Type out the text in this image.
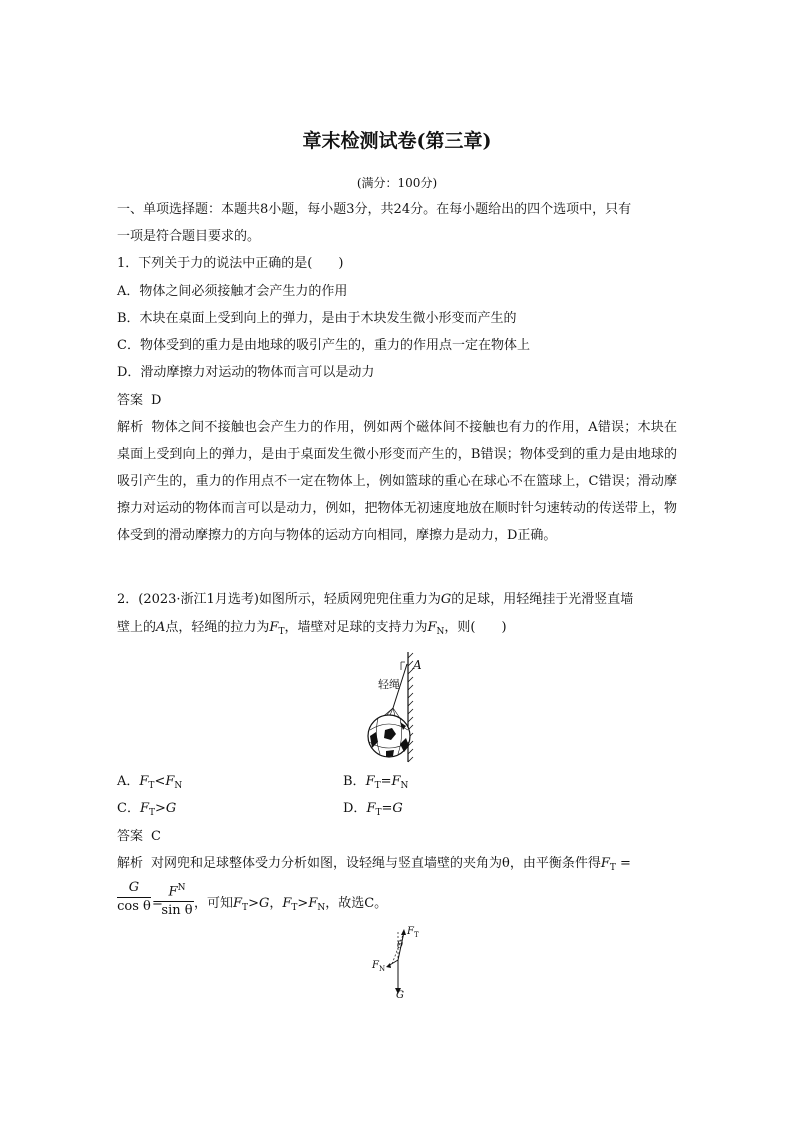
章末检测试卷(第三章)
(满分：100分)
一、单项选择题：本题共8小题，每小题3分，共24分。在每小题给出的四个选项中，只有
一项是符合题目要求的。
1．下列关于力的说法中正确的是(　　)
A．物体之间必须接触才会产生力的作用
B．木块在桌面上受到向上的弹力，是由于木块发生微小形变而产生的
C．物体受到的重力是由地球的吸引产生的，重力的作用点一定在物体上
D．滑动摩擦力对运动的物体而言可以是动力
答案 D
解析 物体之间不接触也会产生力的作用，例如两个磁体间不接触也有力的作用，A错误；木块在桌面上受到向上的弹力，是由于桌面发生微小形变而产生的，B错误；物体受到的重力是由地球的吸引产生的，重力的作用点不一定在物体上，例如篮球的重心在球心不在篮球上，C错误；滑动摩擦力对运动的物体而言可以是动力，例如，把物体无初速度地放在顺时针匀速转动的传送带上，物体受到的滑动摩擦力的方向与物体的运动方向相同，摩擦力是动力，D正确。
2．(2023·浙江1月选考)如图所示，轻质网兜兜住重力为G的足球，用轻绳挂于光滑竖直墙
壁上的A点，轻绳的拉力为$F_T$，墙壁对足球的支持力为$F_N$，则(　　)
A
轻绳
A．$F_T<F_N$	B．$F_T=F_N$
C．$F_T>G$	D．$F_T=G$
答案 C
解析 对网兜和足球整体受力分析如图，设轻绳与竖直墙壁的夹角为θ，由平衡条件得$F_T$ =
G
cos θ =
$F^N$
sin θ ，可知$F_T>G$，$F_T>F_N$，故选C。
$F_T$
θ
$F_N$
G
